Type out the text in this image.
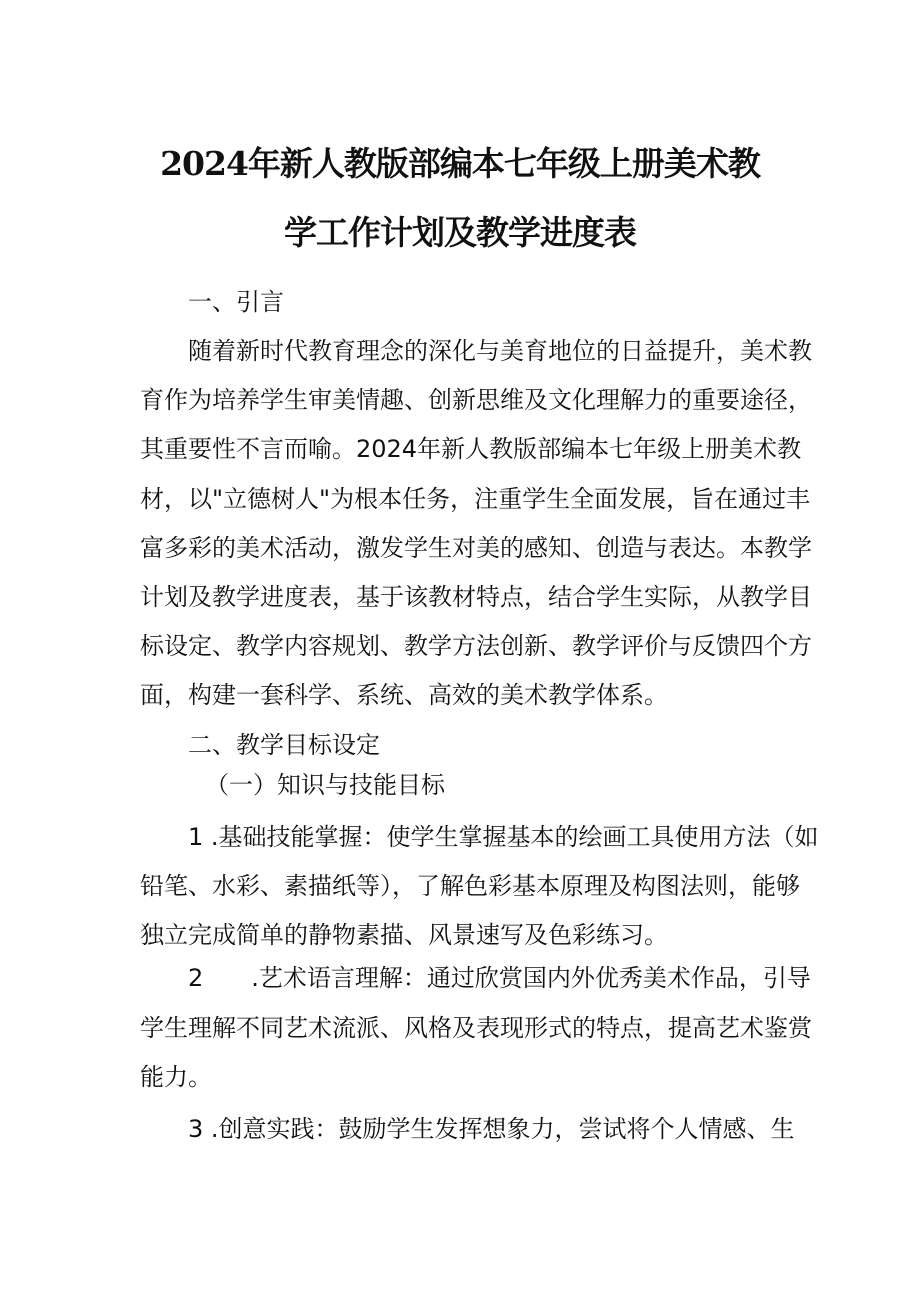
2024年新人教版部编本七年级上册美术教
学工作计划及教学进度表
一、引言
随着新时代教育理念的深化与美育地位的日益提升，美术教
育作为培养学生审美情趣、创新思维及文化理解力的重要途径，
其重要性不言而喻。2024年新人教版部编本七年级上册美术教
材，以"立德树人"为根本任务，注重学生全面发展，旨在通过丰
富多彩的美术活动，激发学生对美的感知、创造与表达。本教学
计划及教学进度表，基于该教材特点，结合学生实际，从教学目
标设定、教学内容规划、教学方法创新、教学评价与反馈四个方
面，构建一套科学、系统、高效的美术教学体系。
二、教学目标设定
（一）知识与技能目标
1 .基础技能掌握：使学生掌握基本的绘画工具使用方法（如
铅笔、水彩、素描纸等），了解色彩基本原理及构图法则，能够
独立完成简单的静物素描、风景速写及色彩练习。
2　　.艺术语言理解：通过欣赏国内外优秀美术作品，引导
学生理解不同艺术流派、风格及表现形式的特点，提高艺术鉴赏
能力。
3 .创意实践：鼓励学生发挥想象力，尝试将个人情感、生
